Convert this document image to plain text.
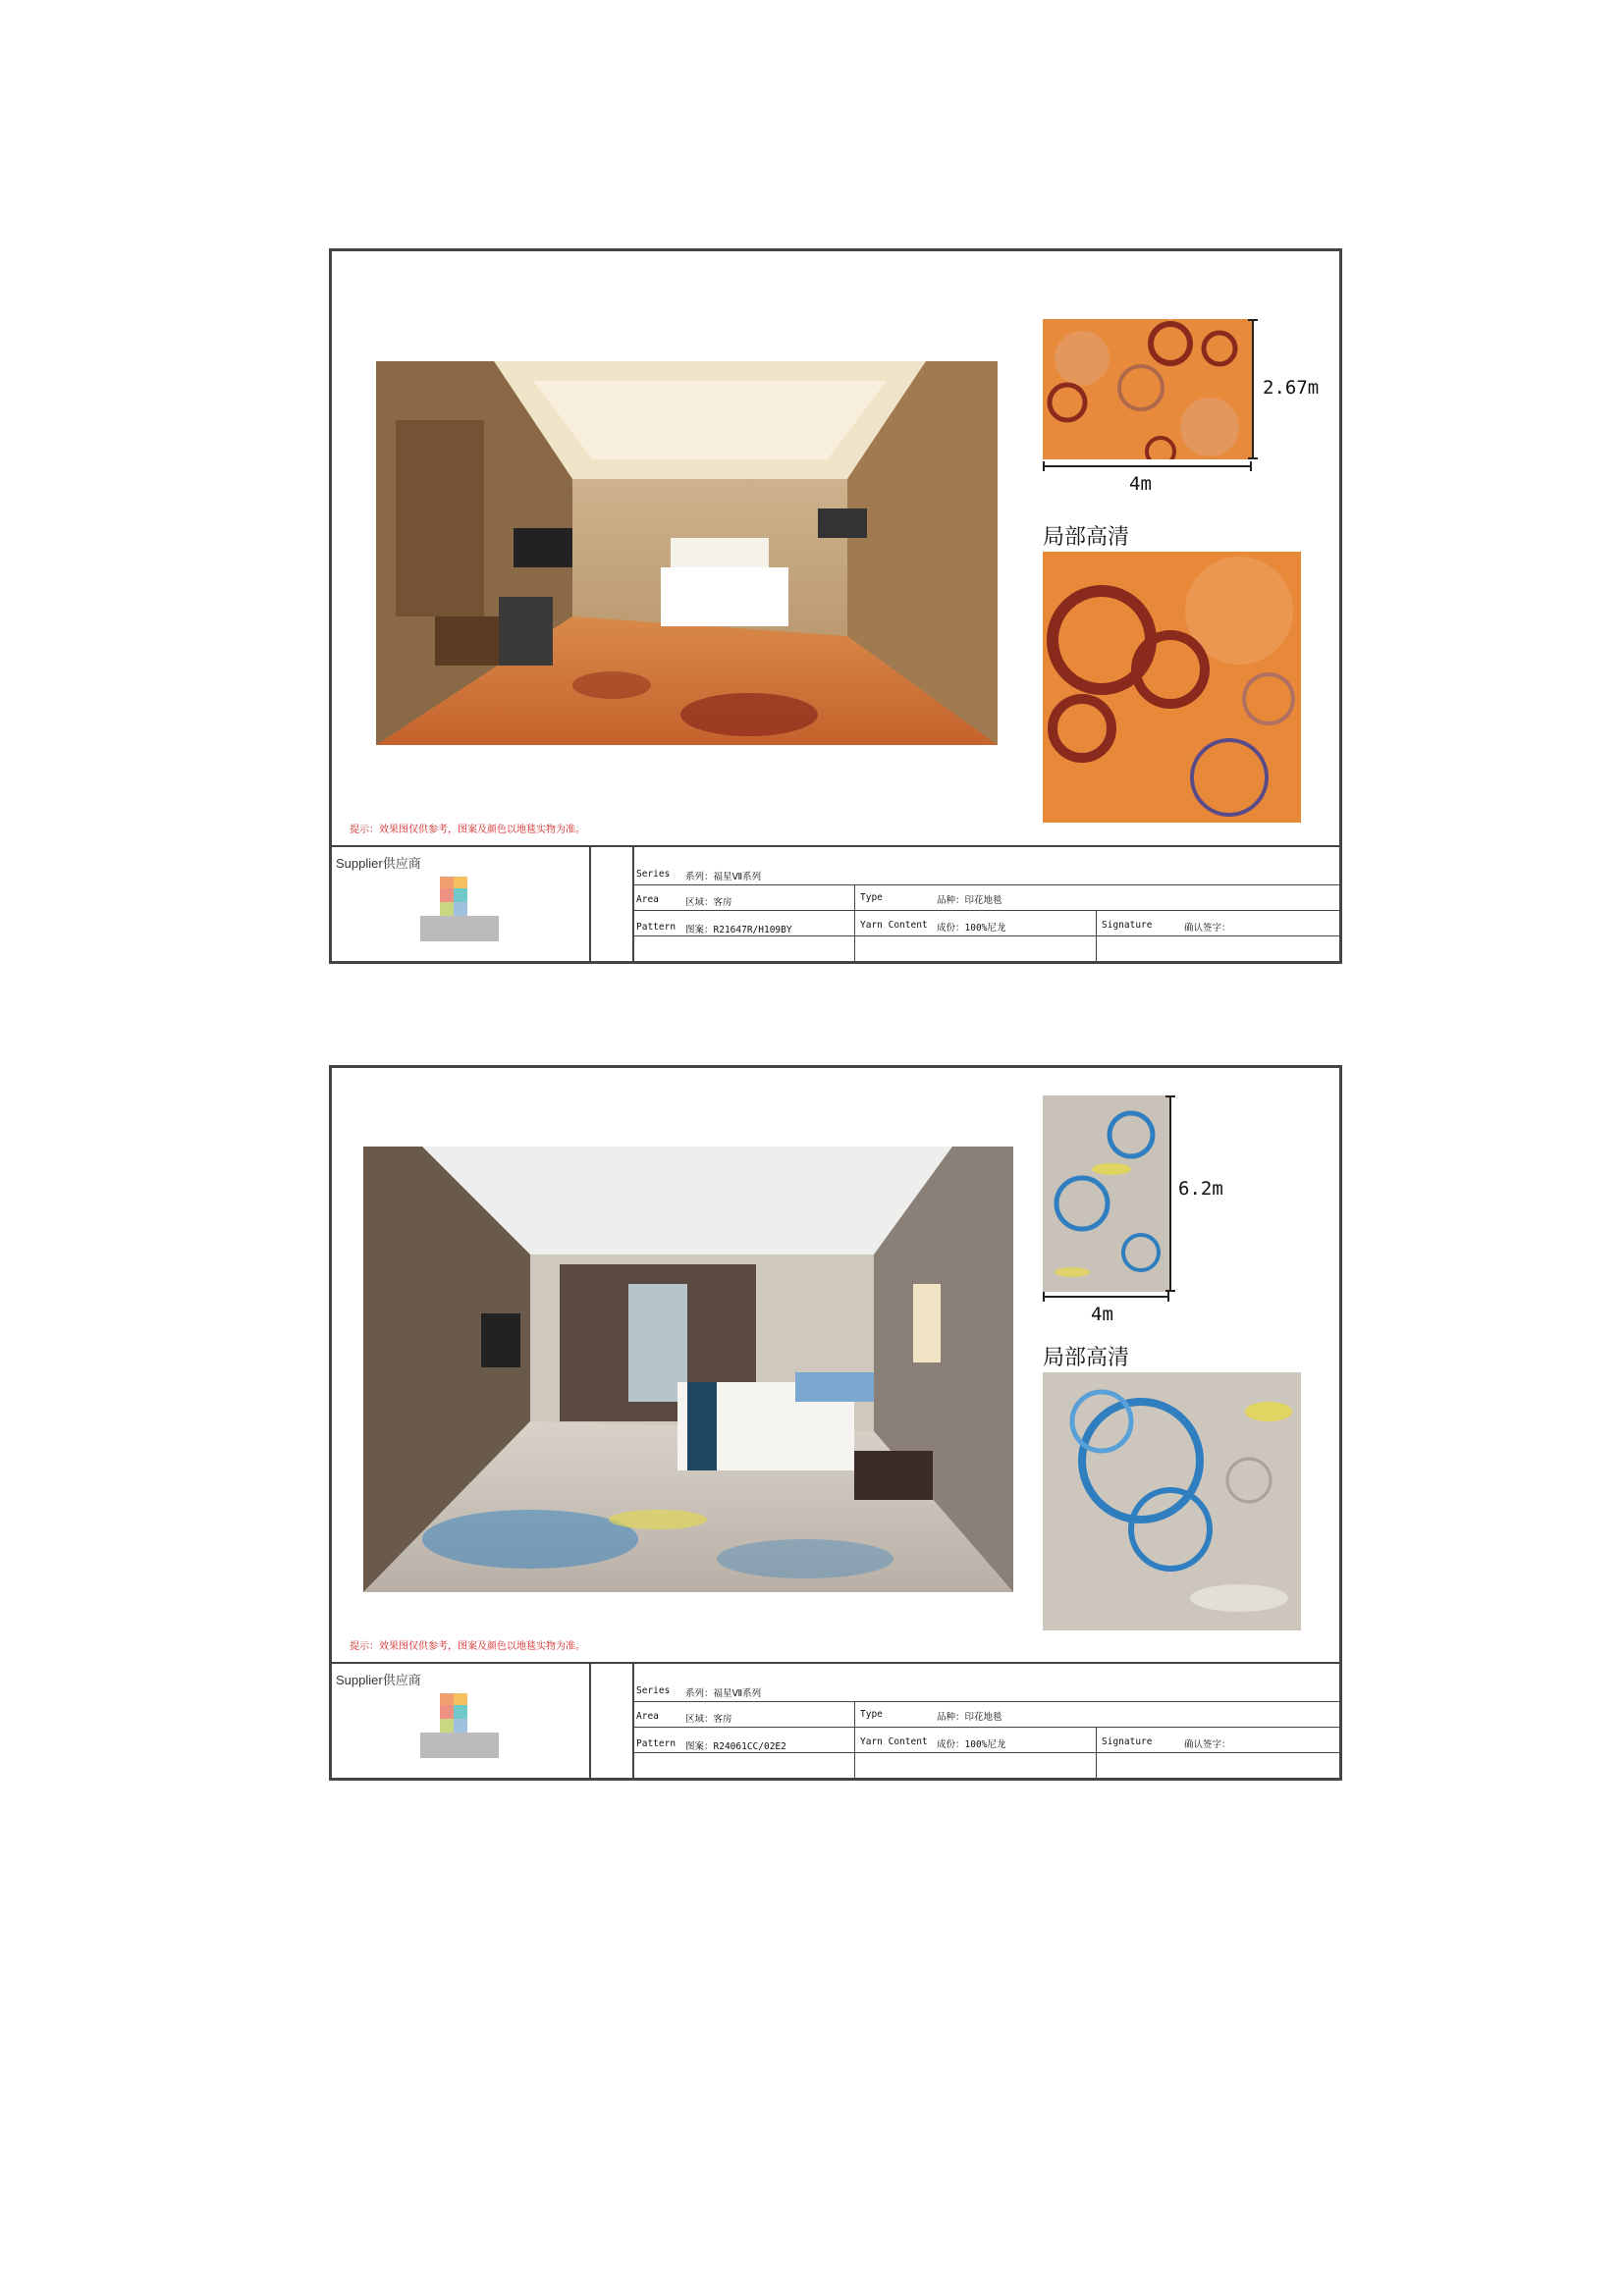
2.67m
4m
局部高清
提示：效果图仅供参考，图案及颜色以地毯实物为准。
Supplier供应商
Series 系列：福星Ⅶ系列
Area	区域：客房	Type	品种：印花地毯
Pattern 图案：R21647R/H109BY	Yarn Content 成份：100%尼龙	Signature	确认签字：
6.2m
4m
局部高清
提示：效果图仅供参考，图案及颜色以地毯实物为准。
Supplier供应商
Series 系列：福星Ⅶ系列
Area	区域：客房	Type	品种：印花地毯
Pattern 图案：R24061CC/02E2	Yarn Content 成份：100%尼龙	Signature	确认签字：
